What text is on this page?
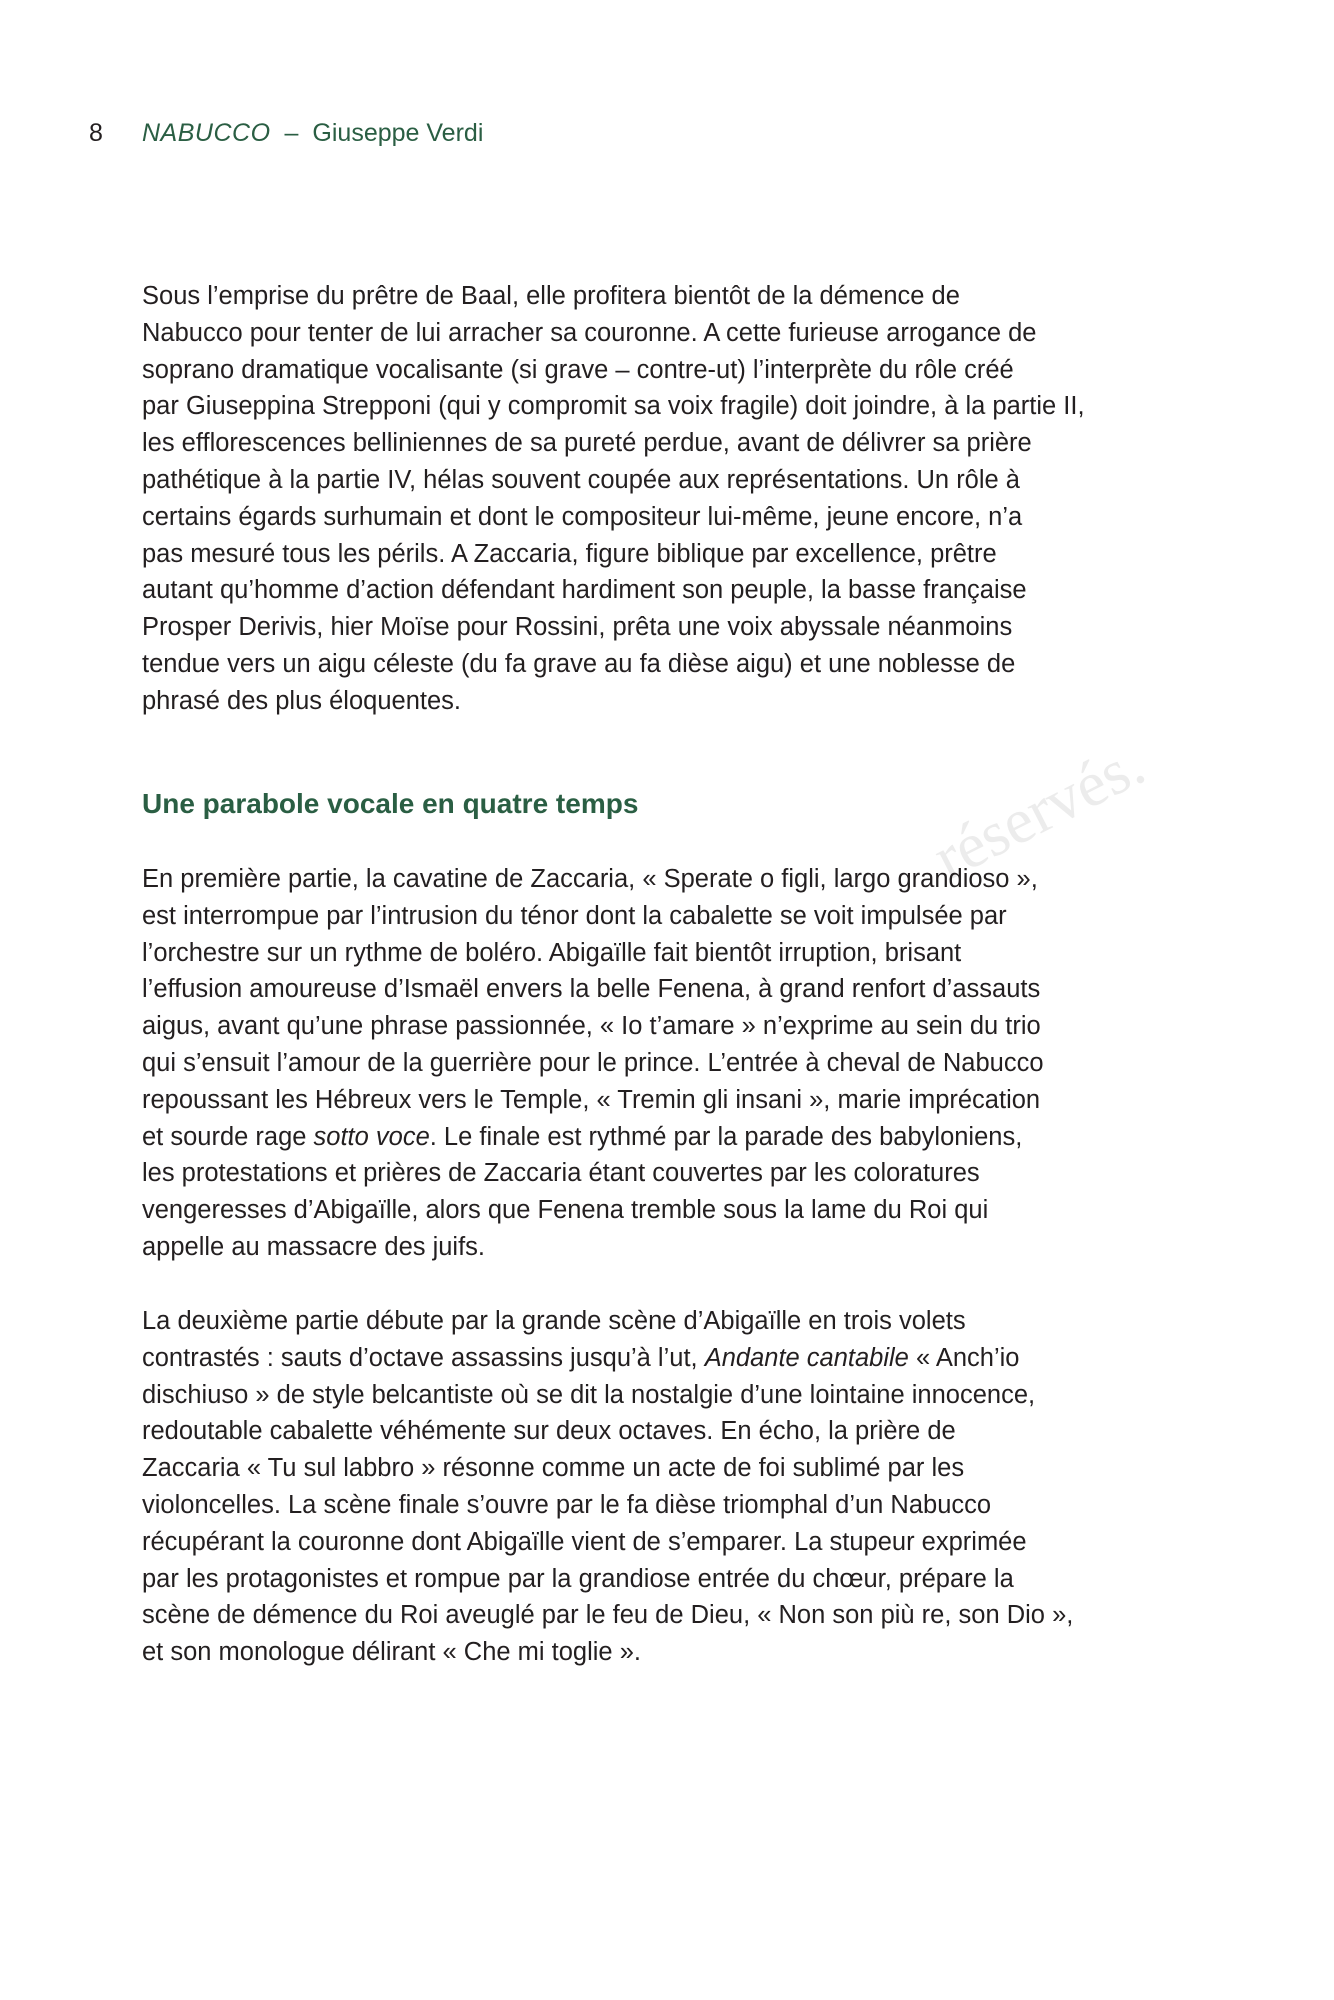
8 NABUCCO – Giuseppe Verdi
réservés.
Sous l’emprise du prêtre de Baal, elle profitera bientôt de la démence de
Nabucco pour tenter de lui arracher sa couronne. A cette furieuse arrogance de
soprano dramatique vocalisante (si grave – contre-ut) l’interprète du rôle créé
par Giuseppina Strepponi (qui y compromit sa voix fragile) doit joindre, à la partie II,
les efflorescences belliniennes de sa pureté perdue, avant de délivrer sa prière
pathétique à la partie IV, hélas souvent coupée aux représentations. Un rôle à
certains égards surhumain et dont le compositeur lui-même, jeune encore, n’a
pas mesuré tous les périls. A Zaccaria, figure biblique par excellence, prêtre
autant qu’homme d’action défendant hardiment son peuple, la basse française
Prosper Derivis, hier Moïse pour Rossini, prêta une voix abyssale néanmoins
tendue vers un aigu céleste (du fa grave au fa dièse aigu) et une noblesse de
phrasé des plus éloquentes.
Une parabole vocale en quatre temps
En première partie, la cavatine de Zaccaria, « Sperate o figli, largo grandioso »,
est interrompue par l’intrusion du ténor dont la cabalette se voit impulsée par
l’orchestre sur un rythme de boléro. Abigaïlle fait bientôt irruption, brisant
l’effusion amoureuse d’Ismaël envers la belle Fenena, à grand renfort d’assauts
aigus, avant qu’une phrase passionnée, « Io t’amare » n’exprime au sein du trio
qui s’ensuit l’amour de la guerrière pour le prince. L’entrée à cheval de Nabucco
repoussant les Hébreux vers le Temple, « Tremin gli insani », marie imprécation
et sourde rage sotto voce. Le finale est rythmé par la parade des babyloniens,
les protestations et prières de Zaccaria étant couvertes par les coloratures
vengeresses d’Abigaïlle, alors que Fenena tremble sous la lame du Roi qui
appelle au massacre des juifs.
La deuxième partie débute par la grande scène d’Abigaïlle en trois volets
contrastés : sauts d’octave assassins jusqu’à l’ut, Andante cantabile « Anch’io
dischiuso » de style belcantiste où se dit la nostalgie d’une lointaine innocence,
redoutable cabalette véhémente sur deux octaves. En écho, la prière de
Zaccaria « Tu sul labbro » résonne comme un acte de foi sublimé par les
violoncelles. La scène finale s’ouvre par le fa dièse triomphal d’un Nabucco
récupérant la couronne dont Abigaïlle vient de s’emparer. La stupeur exprimée
par les protagonistes et rompue par la grandiose entrée du chœur, prépare la
scène de démence du Roi aveuglé par le feu de Dieu, « Non son più re, son Dio »,
et son monologue délirant « Che mi toglie ».
